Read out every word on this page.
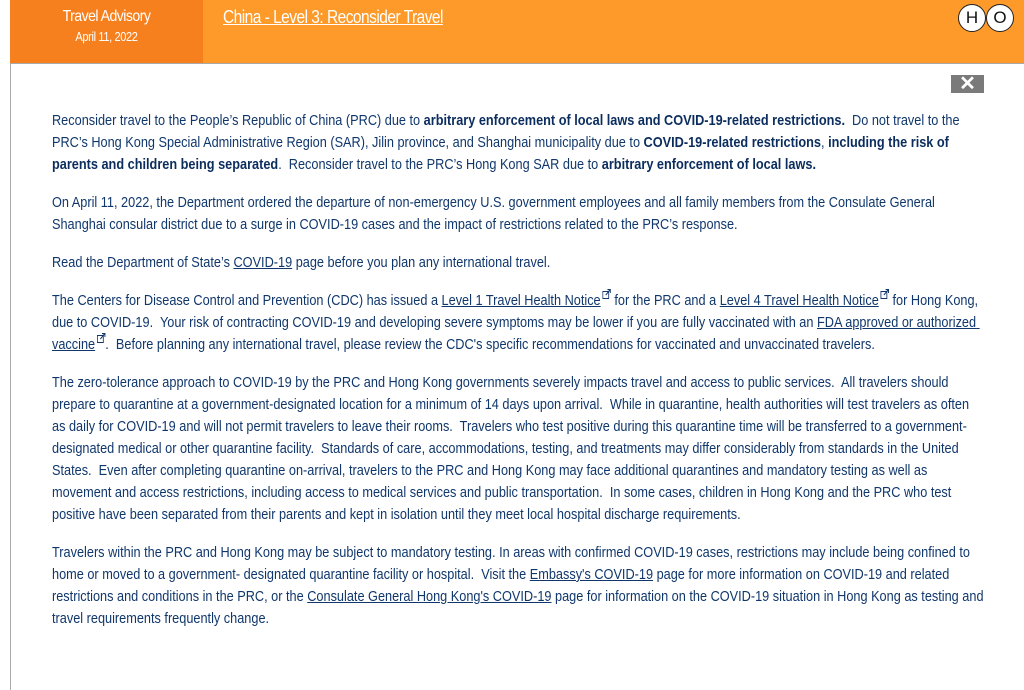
Travel Advisory
April 11, 2022
China - Level 3: Reconsider Travel	H O
✕

Reconsider travel to the People’s Republic of China (PRC) due to arbitrary enforcement of local laws and COVID-19-related restrictions.  Do not travel to the PRC’s Hong Kong Special Administrative Region (SAR), Jilin province, and Shanghai municipality due to COVID-19-related restrictions, including the risk of parents and children being separated.  Reconsider travel to the PRC’s Hong Kong SAR due to arbitrary enforcement of local laws.

On April 11, 2022, the Department ordered the departure of non-emergency U.S. government employees and all family members from the Consulate General Shanghai consular district due to a surge in COVID-19 cases and the impact of restrictions related to the PRC’s response.

Read the Department of State’s COVID-19 page before you plan any international travel.

The Centers for Disease Control and Prevention (CDC) has issued a Level 1 Travel Health Notice
for the PRC and a Level 4 Travel Health Notice
for Hong Kong, due to COVID-19.  Your risk of contracting COVID-19 and developing severe symptoms may be lower if you are fully vaccinated with an FDA approved or authorized vaccine .  Before planning any international travel, please review the CDC's specific recommendations for vaccinated and unvaccinated travelers.

The zero-tolerance approach to COVID-19 by the PRC and Hong Kong governments severely impacts travel and access to public services.  All travelers should prepare to quarantine at a government-designated location for a minimum of 14 days upon arrival.  While in quarantine, health authorities will test travelers as often as daily for COVID-19 and will not permit travelers to leave their rooms.  Travelers who test positive during this quarantine time will be transferred to a government-designated medical or other quarantine facility.  Standards of care, accommodations, testing, and treatments may differ considerably from standards in the United States.  Even after completing quarantine on-arrival, travelers to the PRC and Hong Kong may face additional quarantines and mandatory testing as well as movement and access restrictions, including access to medical services and public transportation.  In some cases, children in Hong Kong and the PRC who test positive have been separated from their parents and kept in isolation until they meet local hospital discharge requirements.

Travelers within the PRC and Hong Kong may be subject to mandatory testing. In areas with confirmed COVID-19 cases, restrictions may include being confined to home or moved to a government- designated quarantine facility or hospital.  Visit the Embassy's COVID-19 page for more information on COVID-19 and related restrictions and conditions in the PRC, or the Consulate General Hong Kong's COVID-19 page for information on the COVID-19 situation in Hong Kong as testing and travel requirements frequently change.
